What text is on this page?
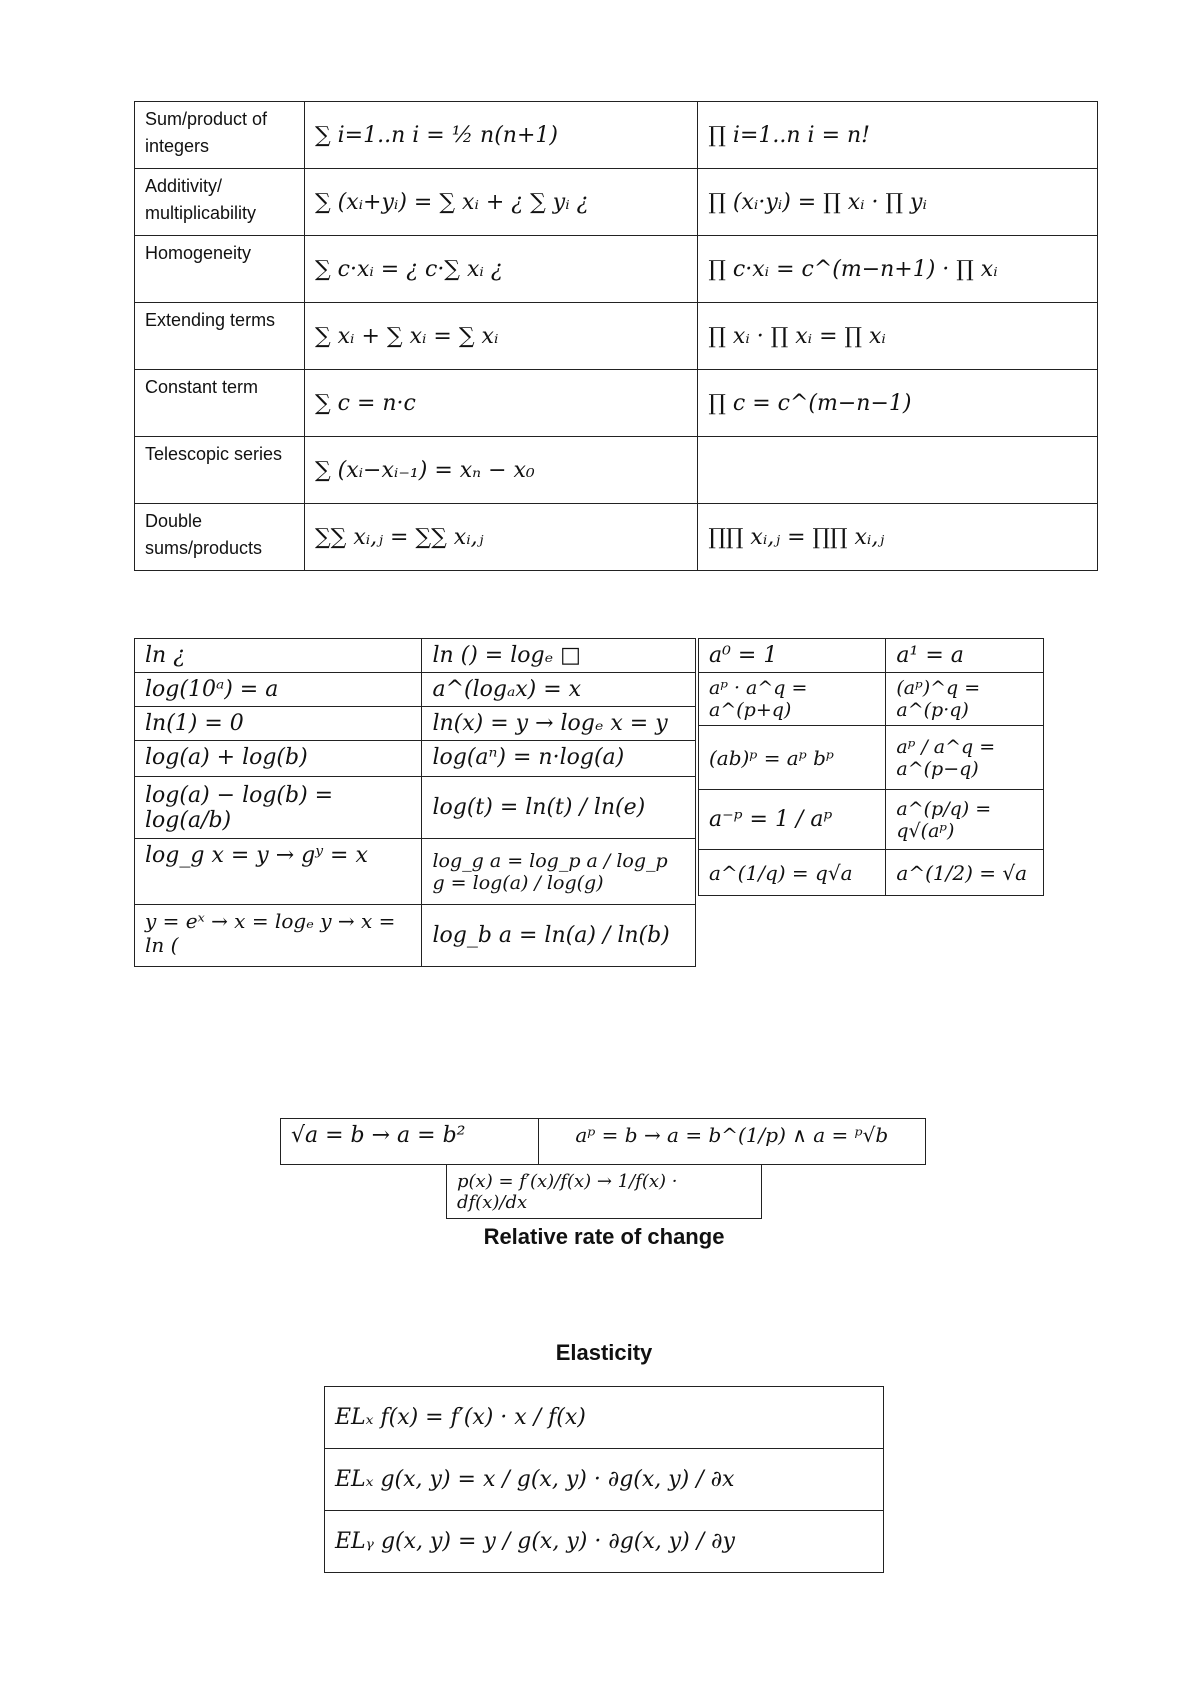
Sum/product of integers	∑ i=1..n i = ½ n(n+1)	∏ i=1..n i = n!
Additivity/ multiplicability	∑ (xᵢ+yᵢ) = ∑ xᵢ + ¿ ∑ yᵢ ¿	∏ (xᵢ·yᵢ) = ∏ xᵢ · ∏ yᵢ
Homogeneity	∑ c·xᵢ = ¿ c·∑ xᵢ ¿	∏ c·xᵢ = c^(m−n+1) · ∏ xᵢ
Extending terms	∑ xᵢ + ∑ xᵢ = ∑ xᵢ	∏ xᵢ · ∏ xᵢ = ∏ xᵢ
Constant term	∑ c = n·c	∏ c = c^(m−n−1)
Telescopic series	∑ (xᵢ−xᵢ₋₁) = xₙ − x₀	
Double sums/products	∑∑ xᵢ,ⱼ = ∑∑ xᵢ,ⱼ	∏∏ xᵢ,ⱼ = ∏∏ xᵢ,ⱼ
ln ¿	ln () = logₑ □
log(10ᵃ) = a	a^(logₐx) = x
ln(1) = 0	ln(x) = y → logₑ x = y
log(a) + log(b)	log(aⁿ) = n·log(a)
log(a) − log(b) = log(a/b)	log(t) = ln(t) / ln(e)
log_g x = y → gʸ = x	log_g a = log_p a / log_p g = log(a) / log(g)
y = eˣ → x = logₑ y → x = ln (	log_b a = ln(a) / ln(b)
a⁰ = 1	a¹ = a
aᵖ · a^q = a^(p+q)	(aᵖ)^q = a^(p·q)
(ab)ᵖ = aᵖ bᵖ	aᵖ / a^q = a^(p−q)
a⁻ᵖ = 1 / aᵖ	a^(p/q) = q√(aᵖ)
a^(1/q) = q√a	a^(1/2) = √a
√a = b → a = b²	aᵖ = b → a = b^(1/p) ∧ a = ᵖ√b
p(x) = f′(x)/f(x) → 1/f(x) · df(x)/dx
Relative rate of change
Elasticity
ELₓ f(x) = f′(x) · x / f(x)
ELₓ g(x, y) = x / g(x, y) · ∂g(x, y) / ∂x
ELᵧ g(x, y) = y / g(x, y) · ∂g(x, y) / ∂y
